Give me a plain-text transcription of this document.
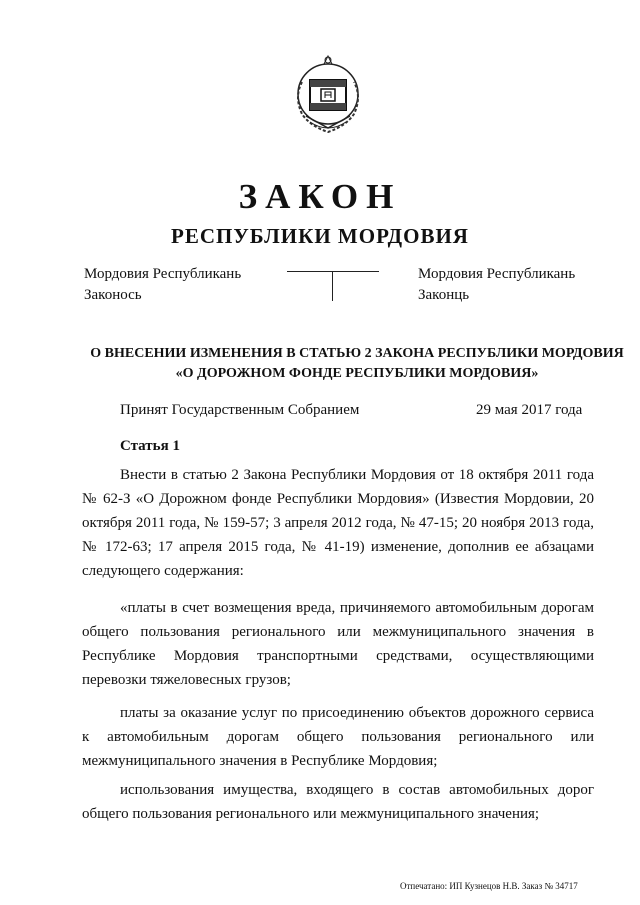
ЗАКОН
РЕСПУБЛИКИ МОРДОВИЯ
Мордовия Республикань
Законось
Мордовия Республикань
Законць
О ВНЕСЕНИИ ИЗМЕНЕНИЯ В СТАТЬЮ 2 ЗАКОНА РЕСПУБЛИКИ МОРДОВИЯ
«О ДОРОЖНОМ ФОНДЕ РЕСПУБЛИКИ МОРДОВИЯ»
Принят Государственным Собранием	29 мая 2017 года
Статья 1

Внести в статью 2 Закона Республики Мордовия от 18 октября 2011 года № 62-З «О Дорожном фонде Республики Мордовия» (Известия Мордовии, 20 октября 2011 года, № 159-57; 3 апреля 2012 года, № 47-15; 20 ноября 2013 года, № 172-63; 17 апреля 2015 года, № 41-19) изменение, дополнив ее абзацами следующего содержания:

«платы в счет возмещения вреда, причиняемого автомобильным дорогам общего пользования регионального или межмуниципального значения в Республике Мордовия транспортными средствами, осуществляющими перевозки тяжеловесных грузов;

платы за оказание услуг по присоединению объектов дорожного сервиса к автомобильным дорогам общего пользования регионального или межмуниципального значения в Республике Мордовия;

использования имущества, входящего в состав автомобильных дорог общего пользования регионального или межмуниципального значения;

Отпечатано: ИП Кузнецов Н.В. Заказ № 34717
